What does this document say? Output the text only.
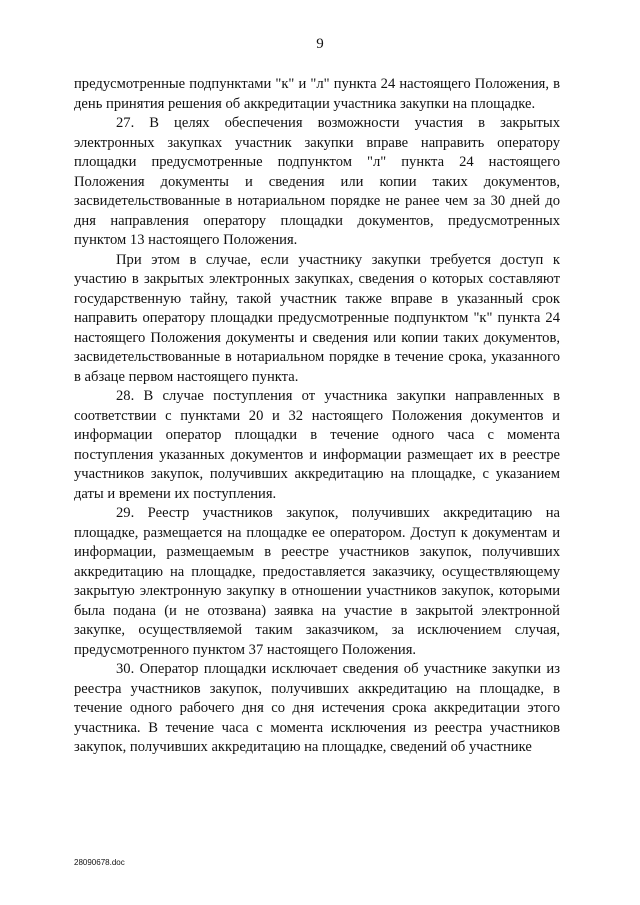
9

предусмотренные подпунктами "к" и "л" пункта 24 настоящего Положения, в день принятия решения об аккредитации участника закупки на площадке.

27. В целях обеспечения возможности участия в закрытых электронных закупках участник закупки вправе направить оператору площадки предусмотренные подпунктом "л" пункта 24 настоящего Положения документы и сведения или копии таких документов, засвидетельствованные в нотариальном порядке не ранее чем за 30 дней до дня направления оператору площадки документов, предусмотренных пунктом 13 настоящего Положения.

При этом в случае, если участнику закупки требуется доступ к участию в закрытых электронных закупках, сведения о которых составляют государственную тайну, такой участник также вправе в указанный срок направить оператору площадки предусмотренные подпунктом "к" пункта 24 настоящего Положения документы и сведения или копии таких документов, засвидетельствованные в нотариальном порядке в течение срока, указанного в абзаце первом настоящего пункта.

28. В случае поступления от участника закупки направленных в соответствии с пунктами 20 и 32 настоящего Положения документов и информации оператор площадки в течение одного часа с момента поступления указанных документов и информации размещает их в реестре участников закупок, получивших аккредитацию на площадке, с указанием даты и времени их поступления.

29. Реестр участников закупок, получивших аккредитацию на площадке, размещается на площадке ее оператором. Доступ к документам и информации, размещаемым в реестре участников закупок, получивших аккредитацию на площадке, предоставляется заказчику, осуществляющему закрытую электронную закупку в отношении участников закупок, которыми была подана (и не отозвана) заявка на участие в закрытой электронной закупке, осуществляемой таким заказчиком, за исключением случая, предусмотренного пунктом 37 настоящего Положения.

30. Оператор площадки исключает сведения об участнике закупки из реестра участников закупок, получивших аккредитацию на площадке, в течение одного рабочего дня со дня истечения срока аккредитации этого участника. В течение часа с момента исключения из реестра участников закупок, получивших аккредитацию на площадке, сведений об участнике

28090678.doc
